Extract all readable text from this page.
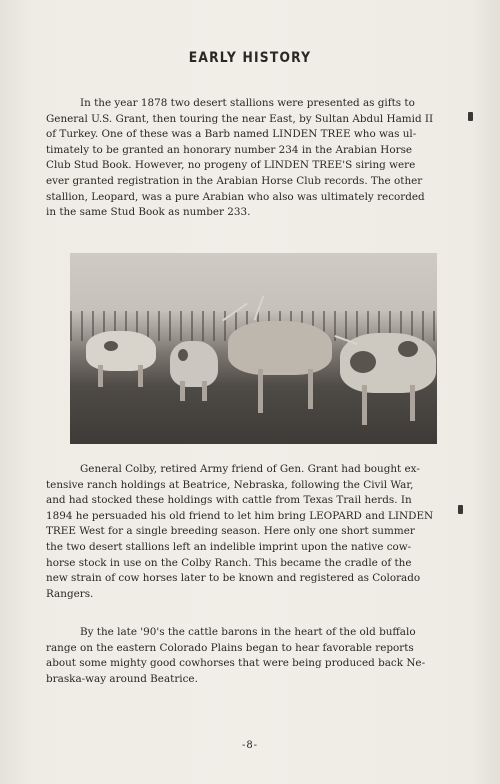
EARLY HISTORY
In the year 1878 two desert stallions were presented as gifts to
General U.S. Grant, then touring the near East, by Sultan Abdul Hamid II
of Turkey. One of these was a Barb named LINDEN TREE who was ul-
timately to be granted an honorary number 234 in the Arabian Horse
Club Stud Book. However, no progeny of LINDEN TREE'S siring were
ever granted registration in the Arabian Horse Club records. The other
stallion, Leopard, was a pure Arabian who also was ultimately recorded
in the same Stud Book as number 233.
General Colby, retired Army friend of Gen. Grant had bought ex-
tensive ranch holdings at Beatrice, Nebraska, following the Civil War,
and had stocked these holdings with cattle from Texas Trail herds. In
1894 he persuaded his old friend to let him bring LEOPARD and LINDEN
TREE West for a single breeding season. Here only one short summer
the two desert stallions left an indelible imprint upon the native cow-
horse stock in use on the Colby Ranch. This became the cradle of the
new strain of cow horses later to be known and registered as Colorado
Rangers.
By the late '90's the cattle barons in the heart of the old buffalo
range on the eastern Colorado Plains began to hear favorable reports
about some mighty good cowhorses that were being produced back Ne-
braska-way around Beatrice.
-8-
